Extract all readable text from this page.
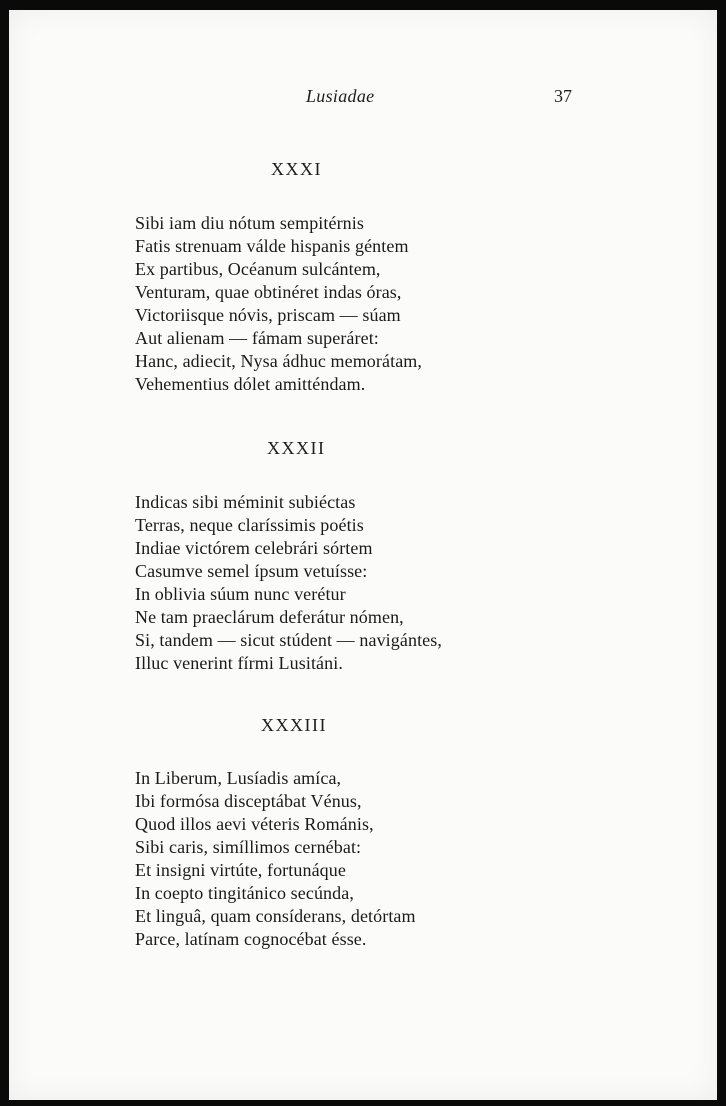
Lusiadae	37
XXXI
Sibi iam diu nótum sempitérnis
Fatis strenuam válde hispanis géntem
Ex partibus, Océanum sulcántem,
Venturam, quae obtinéret indas óras,
Victoriisque nóvis, priscam — súam
Aut alienam — fámam superáret:
Hanc, adiecit, Nysa ádhuc memorátam,
Vehementius dólet amitténdam.
XXXII
Indicas sibi méminit subiéctas
Terras, neque claríssimis poétis
Indiae victórem celebrári sórtem
Casumve semel ípsum vetuísse:
In oblivia súum nunc verétur
Ne tam praeclárum deferátur nómen,
Si, tandem — sicut stúdent — navigántes,
Illuc venerint fírmi Lusitáni.
XXXIII
In Liberum, Lusíadis amíca,
Ibi formósa disceptábat Vénus,
Quod illos aevi véteris Románis,
Sibi caris, simíllimos cernébat:
Et insigni virtúte, fortunáque
In coepto tingitánico secúnda,
Et linguâ, quam consíderans, detórtam
Parce, latínam cognocébat ésse.
